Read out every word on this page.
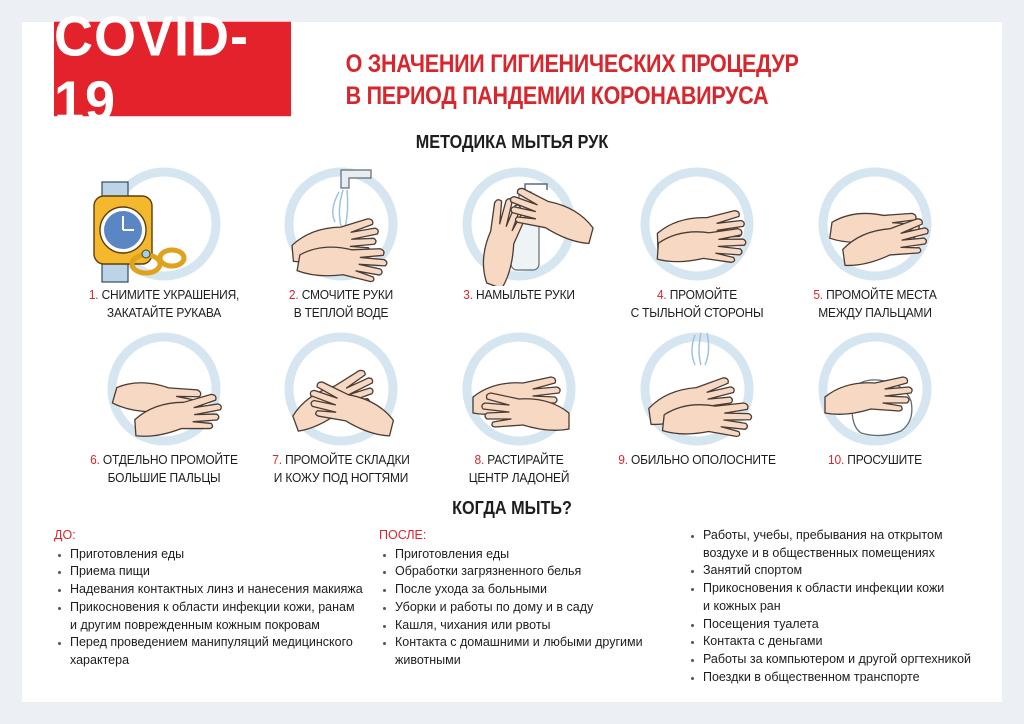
COVID-19
О ЗНАЧЕНИИ ГИГИЕНИЧЕСКИХ ПРОЦЕДУР
В ПЕРИОД ПАНДЕМИИ КОРОНАВИРУСА
МЕТОДИКА МЫТЬЯ РУК
1. СНИМИТЕ УКРАШЕНИЯ,
ЗАКАТАЙТЕ РУКАВА
2. СМОЧИТЕ РУКИ
В ТЕПЛОЙ ВОДЕ
3. НАМЫЛЬТЕ РУКИ	4. ПРОМОЙТЕ
С ТЫЛЬНОЙ СТОРОНЫ
5. ПРОМОЙТЕ МЕСТА
МЕЖДУ ПАЛЬЦАМИ
6. ОТДЕЛЬНО ПРОМОЙТЕ
БОЛЬШИЕ ПАЛЬЦЫ
7. ПРОМОЙТЕ СКЛАДКИ
И КОЖУ ПОД НОГТЯМИ
8. РАСТИРАЙТЕ
ЦЕНТР ЛАДОНЕЙ
9. ОБИЛЬНО ОПОЛОСНИТЕ	10. ПРОСУШИТЕ
КОГДА МЫТЬ?
ДО:
Приготовления еды
Приема пищи
Надевания контактных линз и нанесения макияжа
Прикосновения к области инфекции кожи, ранам
и другим поврежденным кожным покровам
Перед проведением манипуляций медицинского
характера
ПОСЛЕ:
Приготовления еды
Обработки загрязненного белья
После ухода за больными
Уборки и работы по дому и в саду
Кашля, чихания или рвоты
Контакта с домашними и любыми другими
животными
Работы, учебы, пребывания на открытом
воздухе и в общественных помещениях
Занятий спортом
Прикосновения к области инфекции кожи
и кожных ран
Посещения туалета
Контакта с деньгами
Работы за компьютером и другой оргтехникой
Поездки в общественном транспорте
